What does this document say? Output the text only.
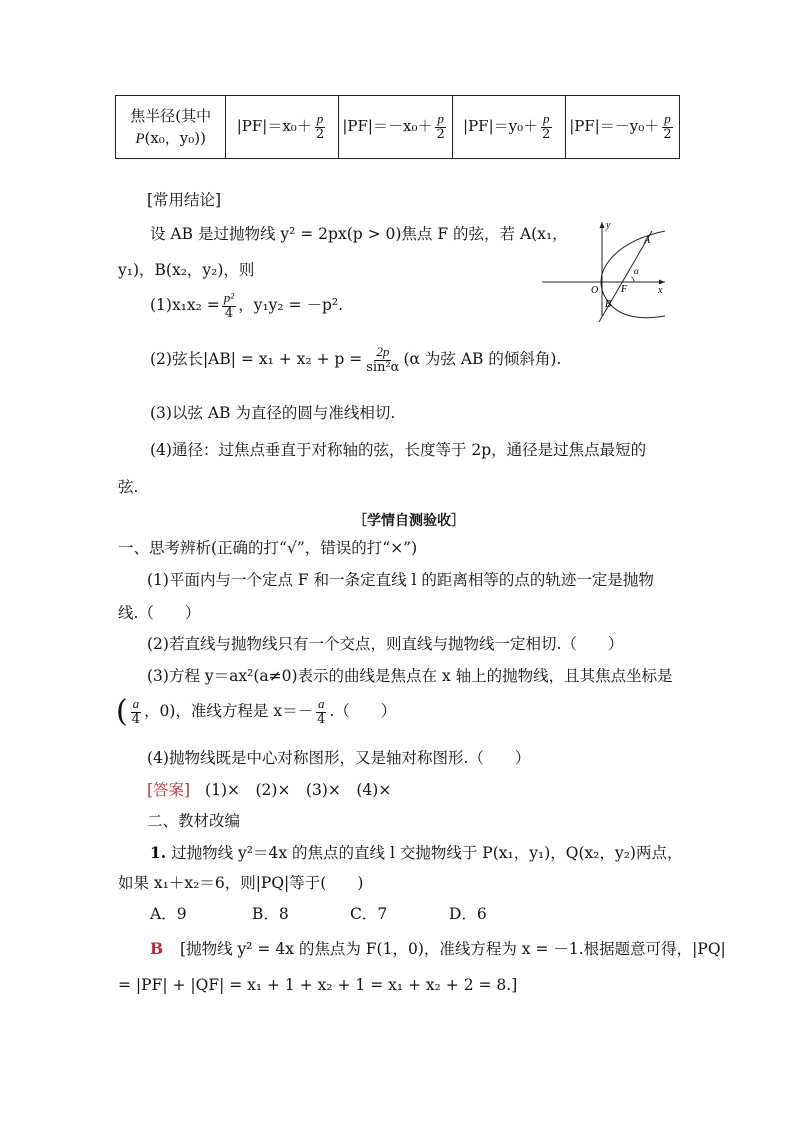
焦半径(其中
P(x₀，y₀))
	$|PF|=x_0+ \frac{p}{2}$	$|PF|=-x_0+ \frac{p}{2}$	$|PF|=y_0+ \frac{p}{2}$	$|PF|=-y_0+ \frac{p}{2}$
[常用结论]
设 AB 是过抛物线 y² = 2px(p > 0)焦点 F 的弦，若 A(x₁，
y₁)，B(x₂，y₂)，则
$(1)x_1x_2 = \frac{\text{p²}}{4}$ ，y₁y₂ = －p².
(2)弦长$|AB| = x_1 + x_2 + p = \frac{2p}{\text{sin²α}} (\alpha$ 为弦 AB 的倾斜角).
(3)以弦 AB 为直径的圆与准线相切.
(4)通径：过焦点垂直于对称轴的弦，长度等于 2p，通径是过焦点最短的
弦.
y
x
O F
A
B
α
［学情自测验收］
一、思考辨析(正确的打“√”，错误的打“×”)
(1)平面内与一个定点 F 和一条定直线 l 的距离相等的点的轨迹一定是抛物
线.（　　）
(2)若直线与抛物线只有一个交点，则直线与抛物线一定相切.（　　）
(3)方程 y＝ax²(a≠0)表示的曲线是焦点在 x 轴上的抛物线，且其焦点坐标是
( $\frac{a}{4}$ ，0)，准线方程是 $x=- \frac{a}{4}$ .（　　）
(4)抛物线既是中心对称图形，又是轴对称图形.（　　）
[答案] (1)×　(2)×　(3)×　(4)×
二、教材改编
1. 过抛物线 y²＝4x 的焦点的直线 l 交抛物线于 P(x₁，y₁)，Q(x₂，y₂)两点，
如果 x₁＋x₂＝6，则|PQ|等于(　　)
A．9	B．8	C．7	D．6
B [抛物线 y² = 4x 的焦点为 F(1，0)，准线方程为 x = －1.根据题意可得，|PQ|
= |PF| + |QF| = x₁ + 1 + x₂ + 1 = x₁ + x₂ + 2 = 8.]
